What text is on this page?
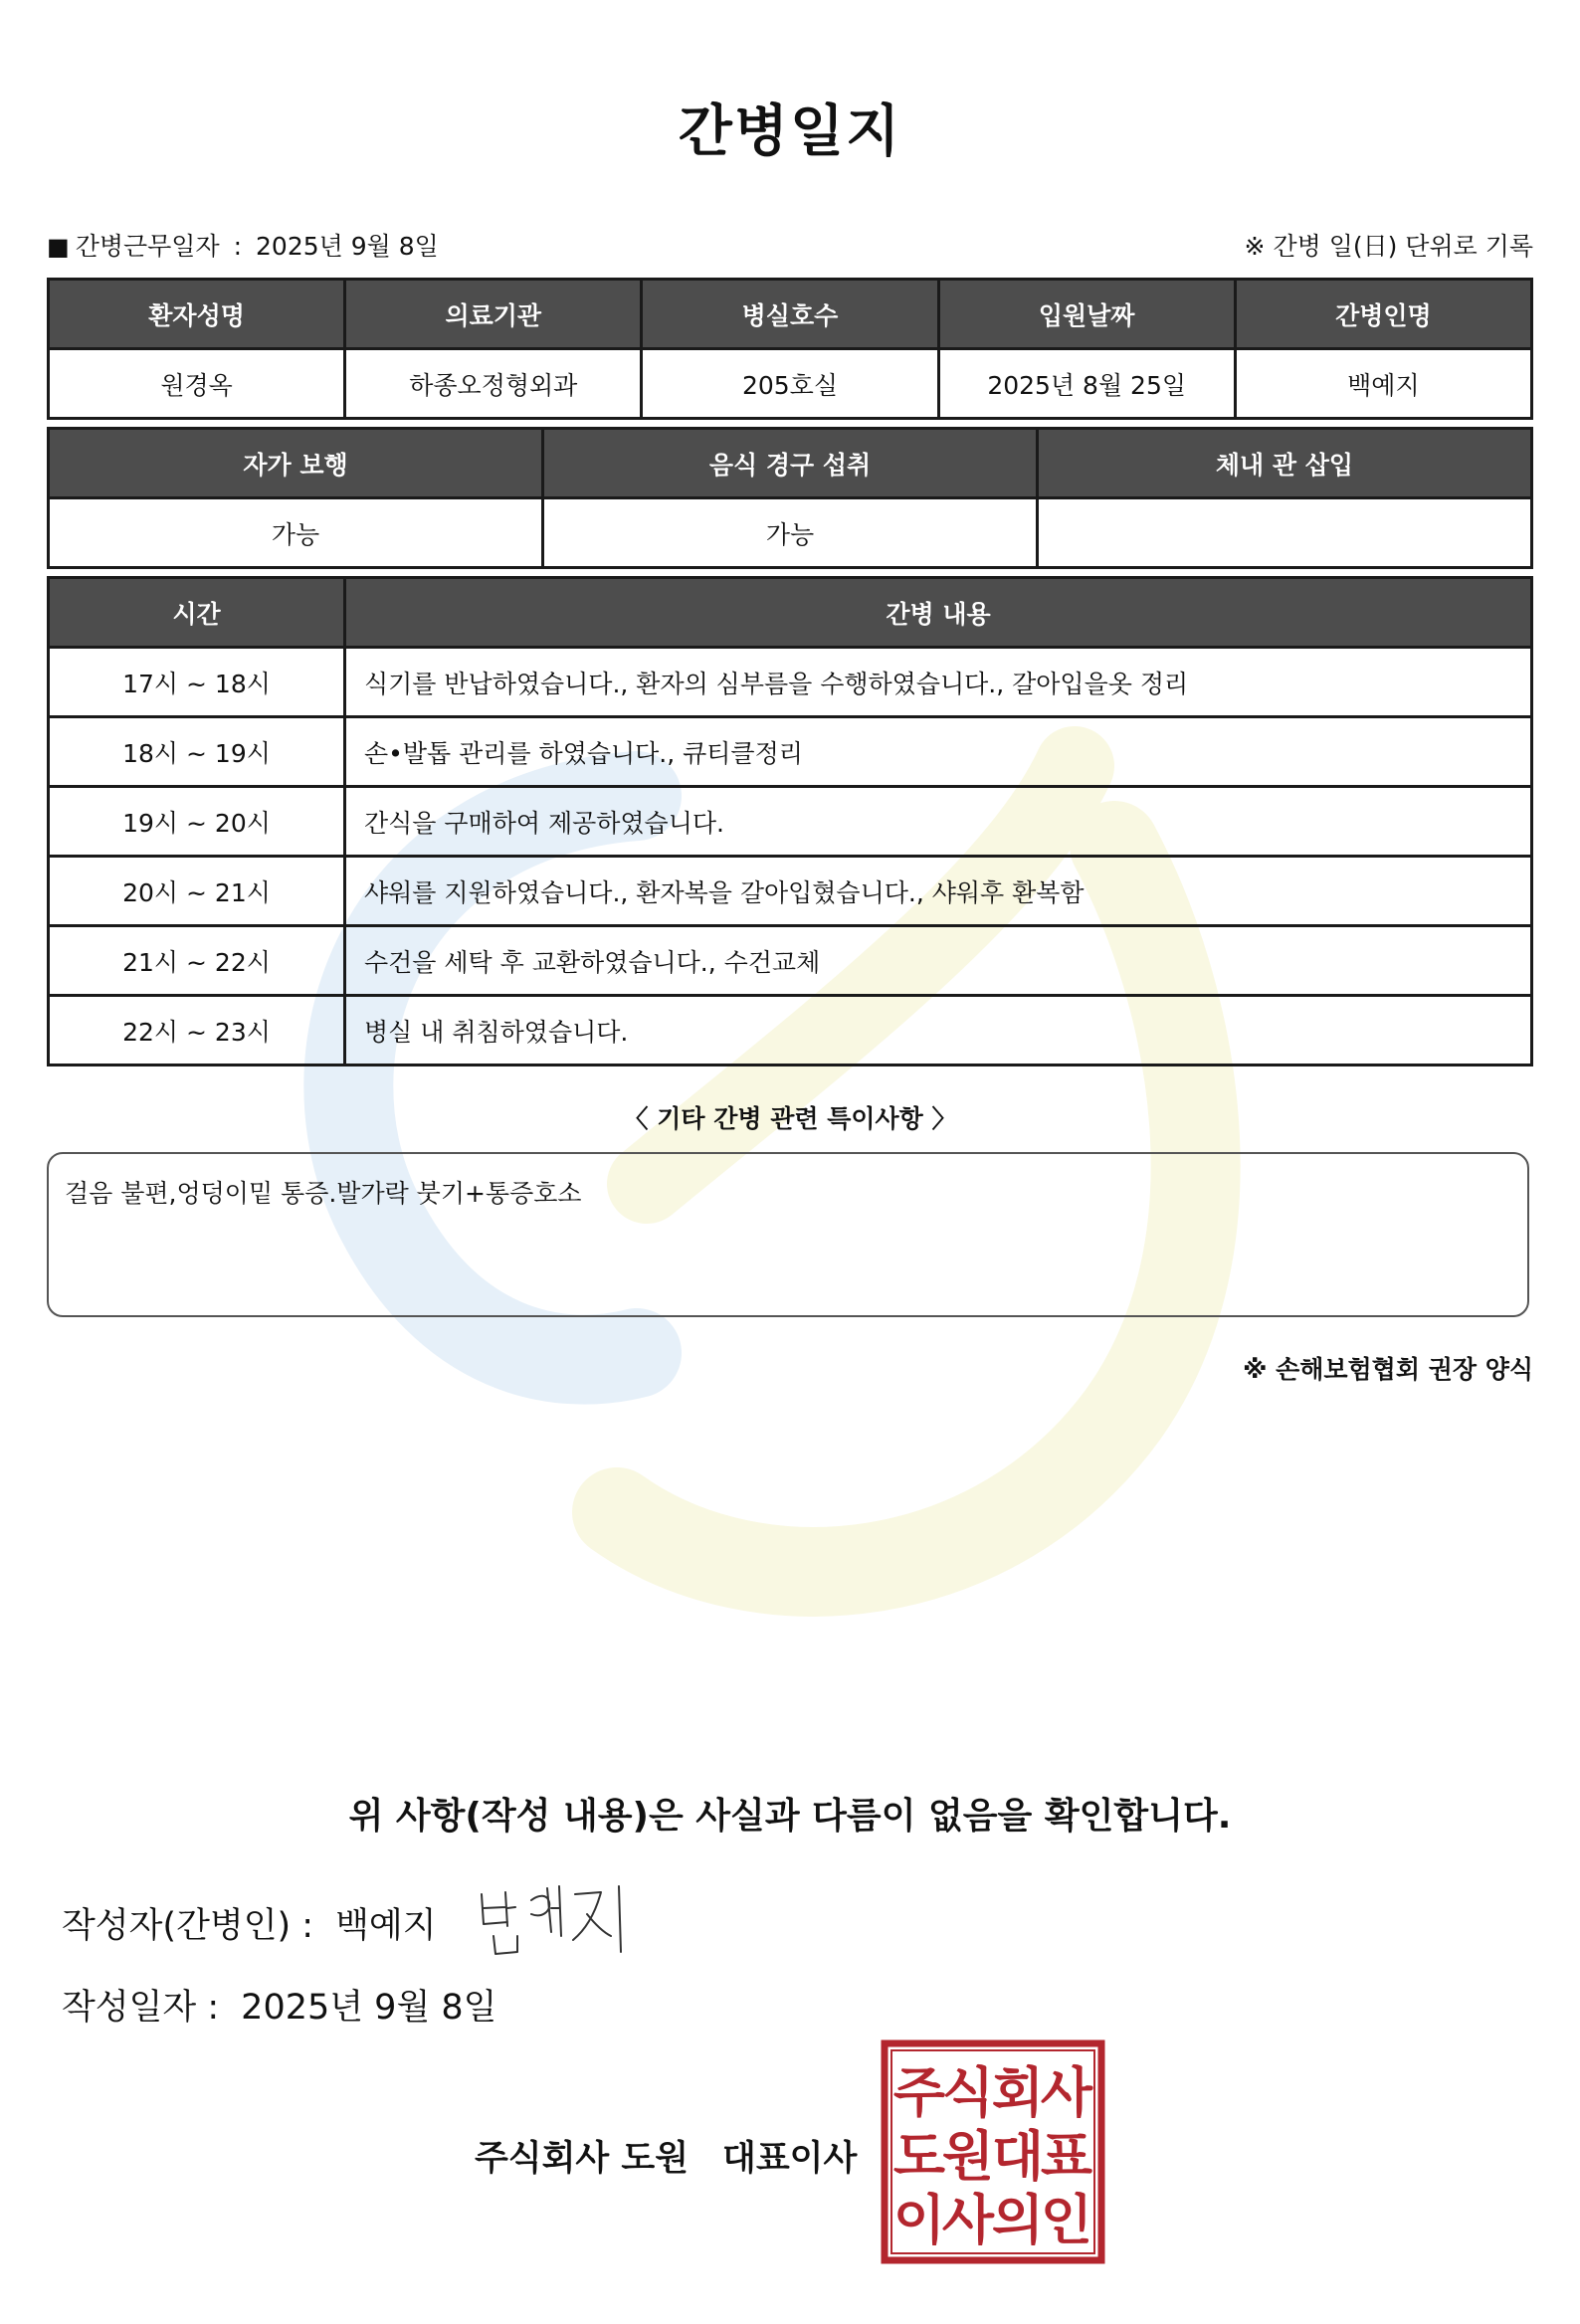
간병일지
■ 간병근무일자 : 2025년 9월 8일	※ 간병 일(日) 단위로 기록
환자성명	의료기관	병실호수	입원날짜	간병인명
원경옥	하종오정형외과	205호실	2025년 8월 25일	백예지
자가 보행	음식 경구 섭취	체내 관 삽입
가능	가능	
시간	간병 내용
17시 ~ 18시	식기를 반납하였습니다., 환자의 심부름을 수행하였습니다., 갈아입을옷 정리
18시 ~ 19시	손•발톱 관리를 하였습니다., 큐티클정리
19시 ~ 20시	간식을 구매하여 제공하였습니다.
20시 ~ 21시	샤워를 지원하였습니다., 환자복을 갈아입혔습니다., 샤워후 환복함
21시 ~ 22시	수건을 세탁 후 교환하였습니다., 수건교체
22시 ~ 23시	병실 내 취침하였습니다.
〈 기타 간병 관련 특이사항 〉
걸음 불편,엉덩이밑 통증.발가락 붓기+통증호소
※ 손해보험협회 권장 양식
위 사항(작성 내용)은 사실과 다름이 없음을 확인합니다.
작성자(간병인) : 백예지
작성일자 : 2025년 9월 8일
주식회사 도원 대표이사
주
식
회
사
도
원
대
표
이
사
의
인
